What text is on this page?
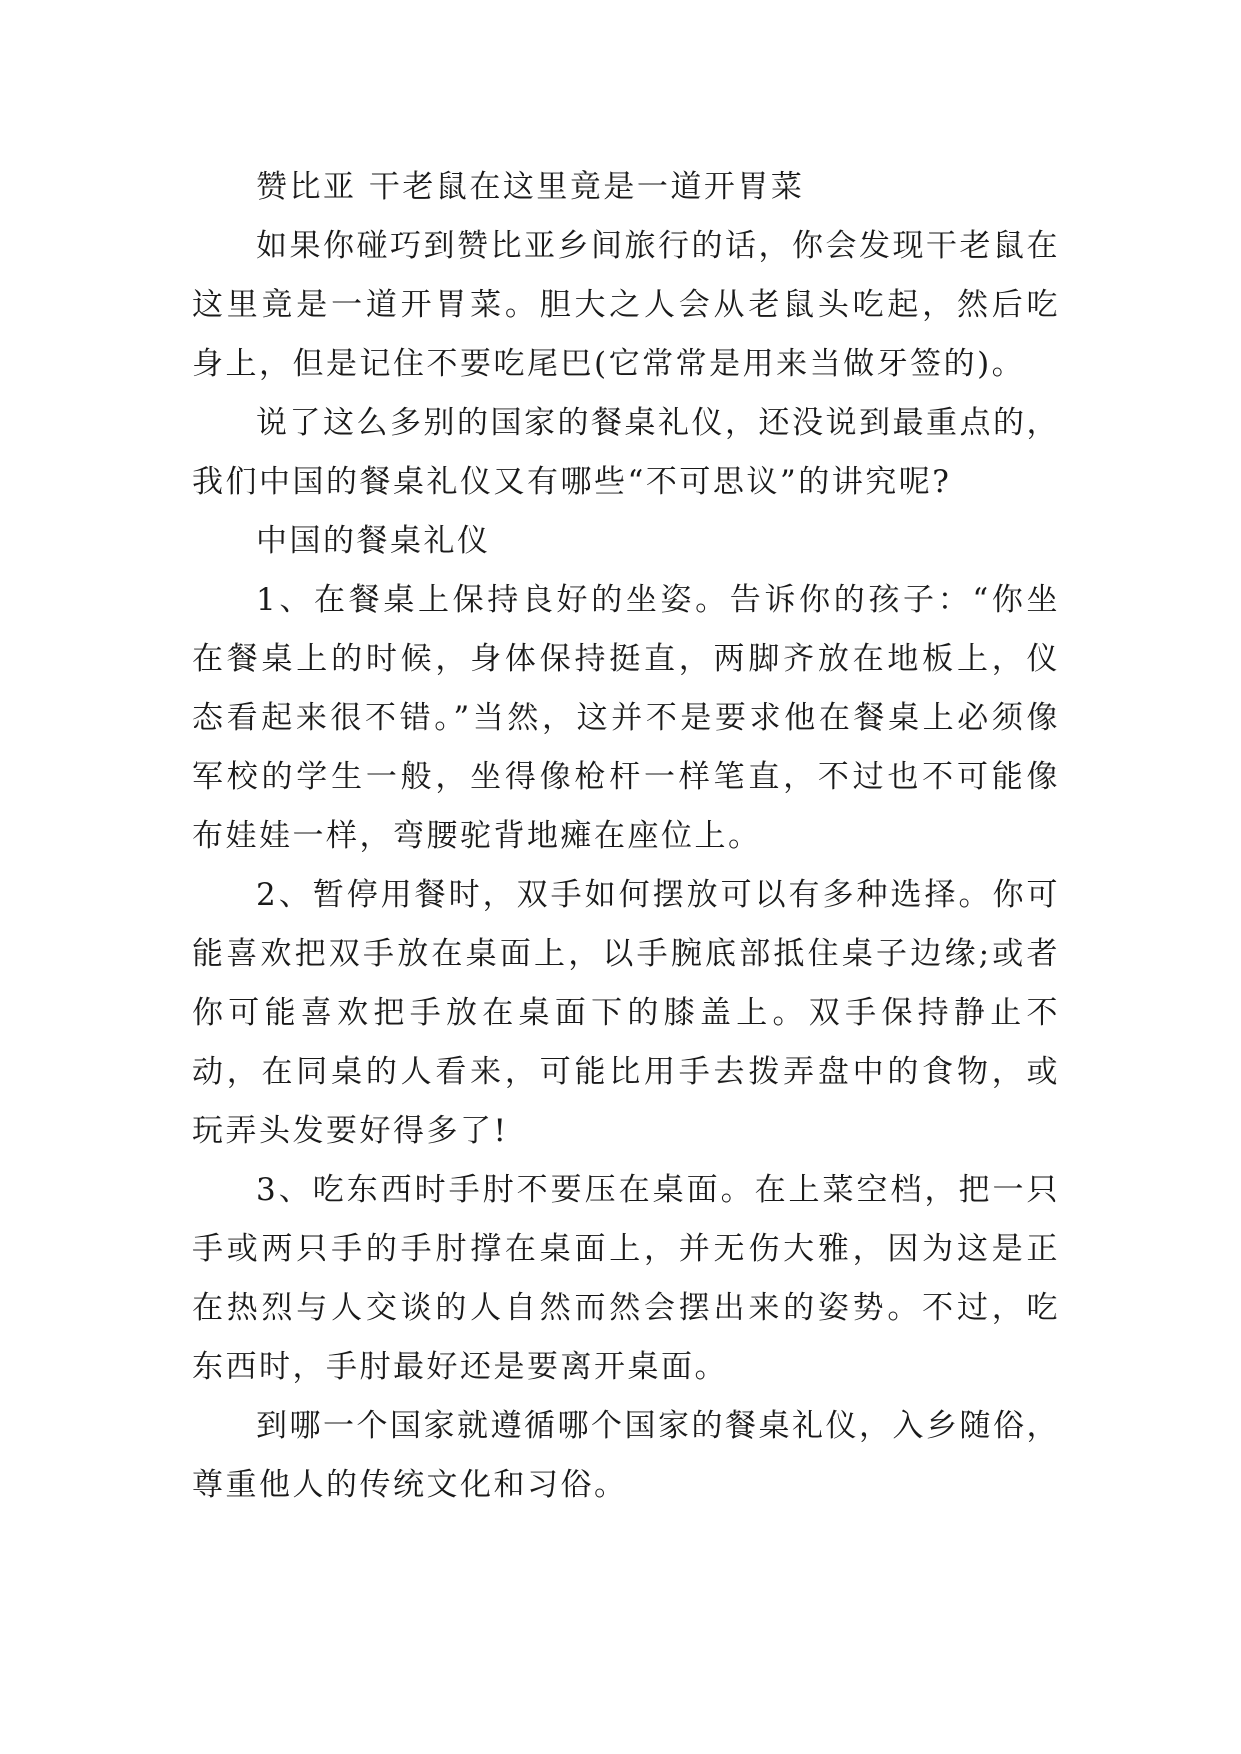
赞比亚 干老鼠在这里竟是一道开胃菜

如果你碰巧到赞比亚乡间旅行的话，你会发现干老鼠在这里竟是一道开胃菜。胆大之人会从老鼠头吃起，然后吃身上，但是记住不要吃尾巴(它常常是用来当做牙签的)。

说了这么多别的国家的餐桌礼仪，还没说到最重点的，我们中国的餐桌礼仪又有哪些“不可思议”的讲究呢?

中国的餐桌礼仪

1、在餐桌上保持良好的坐姿。告诉你的孩子：“你坐在餐桌上的时候，身体保持挺直，两脚齐放在地板上，仪态看起来很不错。”当然，这并不是要求他在餐桌上必须像军校的学生一般，坐得像枪杆一样笔直，不过也不可能像布娃娃一样，弯腰驼背地瘫在座位上。

2、暂停用餐时，双手如何摆放可以有多种选择。你可能喜欢把双手放在桌面上，以手腕底部抵住桌子边缘;或者你可能喜欢把手放在桌面下的膝盖上。双手保持静止不动，在同桌的人看来，可能比用手去拨弄盘中的食物，或玩弄头发要好得多了!

3、吃东西时手肘不要压在桌面。在上菜空档，把一只手或两只手的手肘撑在桌面上，并无伤大雅，因为这是正在热烈与人交谈的人自然而然会摆出来的姿势。不过，吃东西时，手肘最好还是要离开桌面。

到哪一个国家就遵循哪个国家的餐桌礼仪，入乡随俗，尊重他人的传统文化和习俗。
